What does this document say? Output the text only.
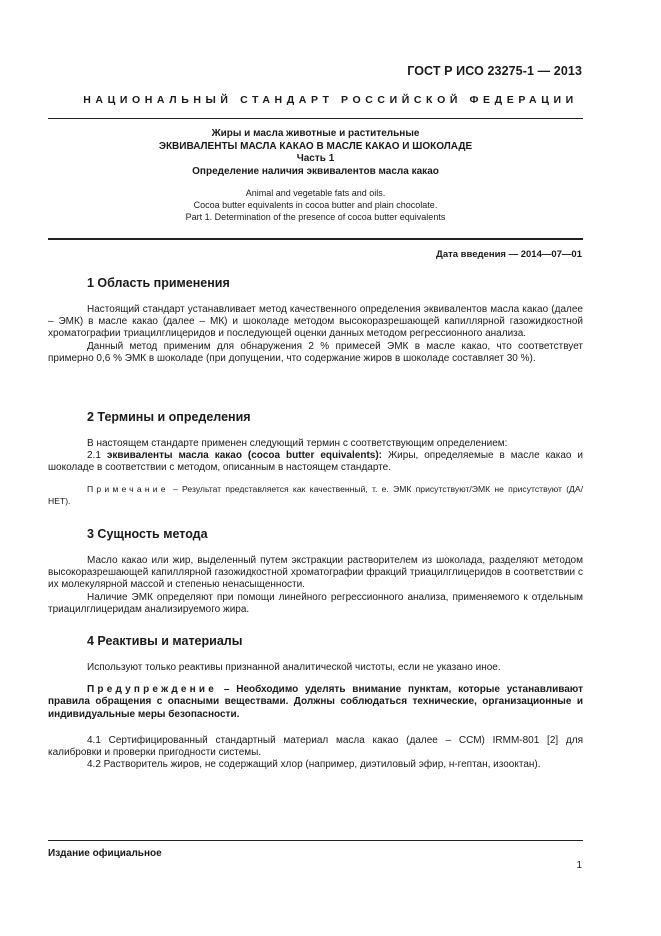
ГОСТ Р ИСО 23275-1 — 2013
НАЦИОНАЛЬНЫЙ СТАНДАРТ РОССИЙСКОЙ ФЕДЕРАЦИИ
Жиры и масла животные и растительные
ЭКВИВАЛЕНТЫ МАСЛА КАКАО В МАСЛЕ КАКАО И ШОКОЛАДЕ
Часть 1
Определение наличия эквивалентов масла какао
Animal and vegetable fats and oils.
Cocoa butter equivalents in cocoa butter and plain chocolate.
Part 1. Determination of the presence of cocoa butter equivalents
Дата введения — 2014—07—01
1 Область применения

Настоящий стандарт устанавливает метод качественного определения эквивалентов масла какао (далее – ЭМК) в масле какао (далее – МК) и шоколаде методом высокоразрешающей капиллярной газожидкостной хроматографии триацилглицеридов и последующей оценки данных методом регрессионного анализа.

Данный метод применим для обнаружения 2 % примесей ЭМК в масле какао, что соответствует примерно 0,6 % ЭМК в шоколаде (при допущении, что содержание жиров в шоколаде составляет 30 %).

2 Термины и определения

В настоящем стандарте применен следующий термин с соответствующим определением:

2.1 эквиваленты масла какао (cocoa butter equivalents): Жиры, определяемые в масле какао и шоколаде в соответствии с методом, описанным в настоящем стандарте.

Примечание – Результат представляется как качественный, т. е. ЭМК присутствуют/ЭМК не присутствуют (ДА/НЕТ).

3 Сущность метода

Масло какао или жир, выделенный путем экстракции растворителем из шоколада, разделяют методом высокоразрешающей капиллярной газожидкостной хроматографии фракций триацилглицеридов в соответствии с их молекулярной массой и степенью ненасыщенности.

Наличие ЭМК определяют при помощи линейного регрессионного анализа, применяемого к отдельным триацилглицеридам анализируемого жира.

4 Реактивы и материалы

Используют только реактивы признанной аналитической чистоты, если не указано иное.

Предупреждение – Необходимо уделять внимание пунктам, которые устанавливают правила обращения с опасными веществами. Должны соблюдаться технические, организационные и индивидуальные меры безопасности.

4.1 Сертифицированный стандартный материал масла какао (далее – ССМ) IRMM-801 [2] для калибровки и проверки пригодности системы.

4.2 Растворитель жиров, не содержащий хлор (например, диэтиловый эфир, н-гептан, изооктан).

Издание официальное
1
